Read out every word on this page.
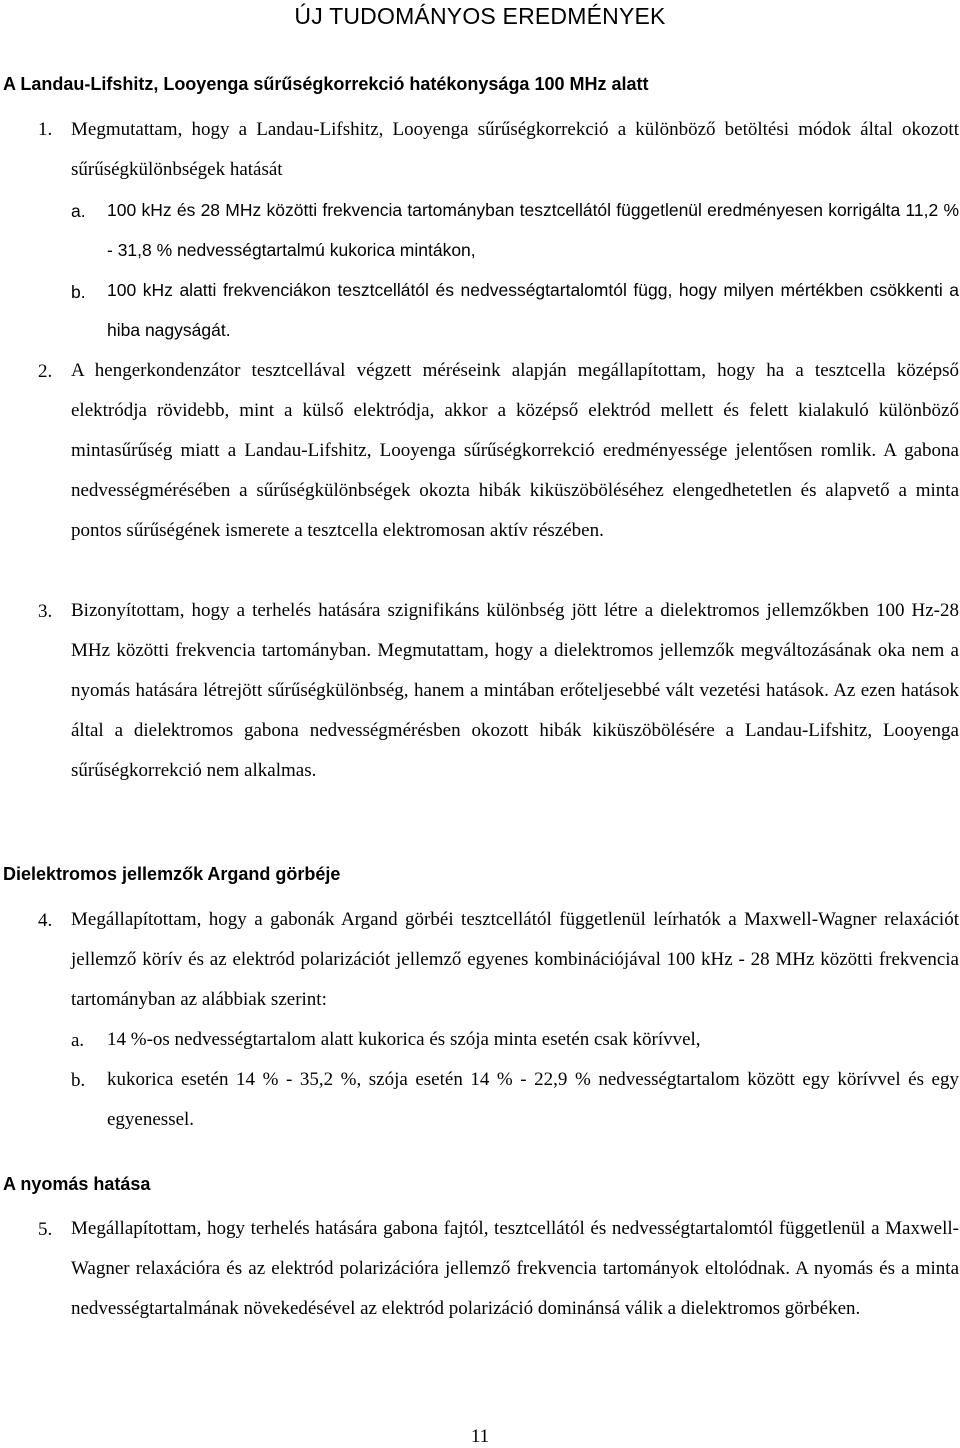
ÚJ TUDOMÁNYOS EREDMÉNYEK
A Landau-Lifshitz, Looyenga sűrűségkorrekció hatékonysága 100 MHz alatt
1. Megmutattam, hogy a Landau-Lifshitz, Looyenga sűrűségkorrekció a különböző betöltési módok által okozott sűrűségkülönbségek hatását
a. 100 kHz és 28 MHz közötti frekvencia tartományban tesztcellától függetlenül eredményesen korrigálta 11,2 % - 31,8 % nedvességtartalmú kukorica mintákon,
b. 100 kHz alatti frekvenciákon tesztcellától és nedvességtartalomtól függ, hogy milyen mértékben csökkenti a hiba nagyságát.
2. A hengerkondenzátor tesztcellával végzett méréseink alapján megállapítottam, hogy ha a tesztcella középső elektródja rövidebb, mint a külső elektródja, akkor a középső elektród mellett és felett kialakuló különböző mintasűrűség miatt a Landau-Lifshitz, Looyenga sűrűségkorrekció eredményessége jelentősen romlik. A gabona nedvességmérésében a sűrűségkülönbségek okozta hibák kiküszöböléséhez elengedhetetlen és alapvető a minta pontos sűrűségének ismerete a tesztcella elektromosan aktív részében.
3. Bizonyítottam, hogy a terhelés hatására szignifikáns különbség jött létre a dielektromos jellemzőkben 100 Hz-28 MHz közötti frekvencia tartományban. Megmutattam, hogy a dielektromos jellemzők megváltozásának oka nem a nyomás hatására létrejött sűrűségkülönbség, hanem a mintában erőteljesebbé vált vezetési hatások. Az ezen hatások által a dielektromos gabona nedvességmérésben okozott hibák kiküszöbölésére a Landau-Lifshitz, Looyenga sűrűségkorrekció nem alkalmas.
Dielektromos jellemzők Argand görbéje
4. Megállapítottam, hogy a gabonák Argand görbéi tesztcellától függetlenül leírhatók a Maxwell-Wagner relaxációt jellemző körív és az elektród polarizációt jellemző egyenes kombinációjával 100 kHz - 28 MHz közötti frekvencia tartományban az alábbiak szerint:
a. 14 %-os nedvességtartalom alatt kukorica és szója minta esetén csak körívvel,
b. kukorica esetén 14 % - 35,2 %, szója esetén 14 % - 22,9 % nedvességtartalom között egy körívvel és egy egyenessel.
A nyomás hatása
5. Megállapítottam, hogy terhelés hatására gabona fajtól, tesztcellától és nedvességtartalomtól függetlenül a Maxwell-Wagner relaxációra és az elektród polarizációra jellemző frekvencia tartományok eltolódnak. A nyomás és a minta nedvességtartalmának növekedésével az elektród polarizáció dominánsá válik a dielektromos görbéken.
11
